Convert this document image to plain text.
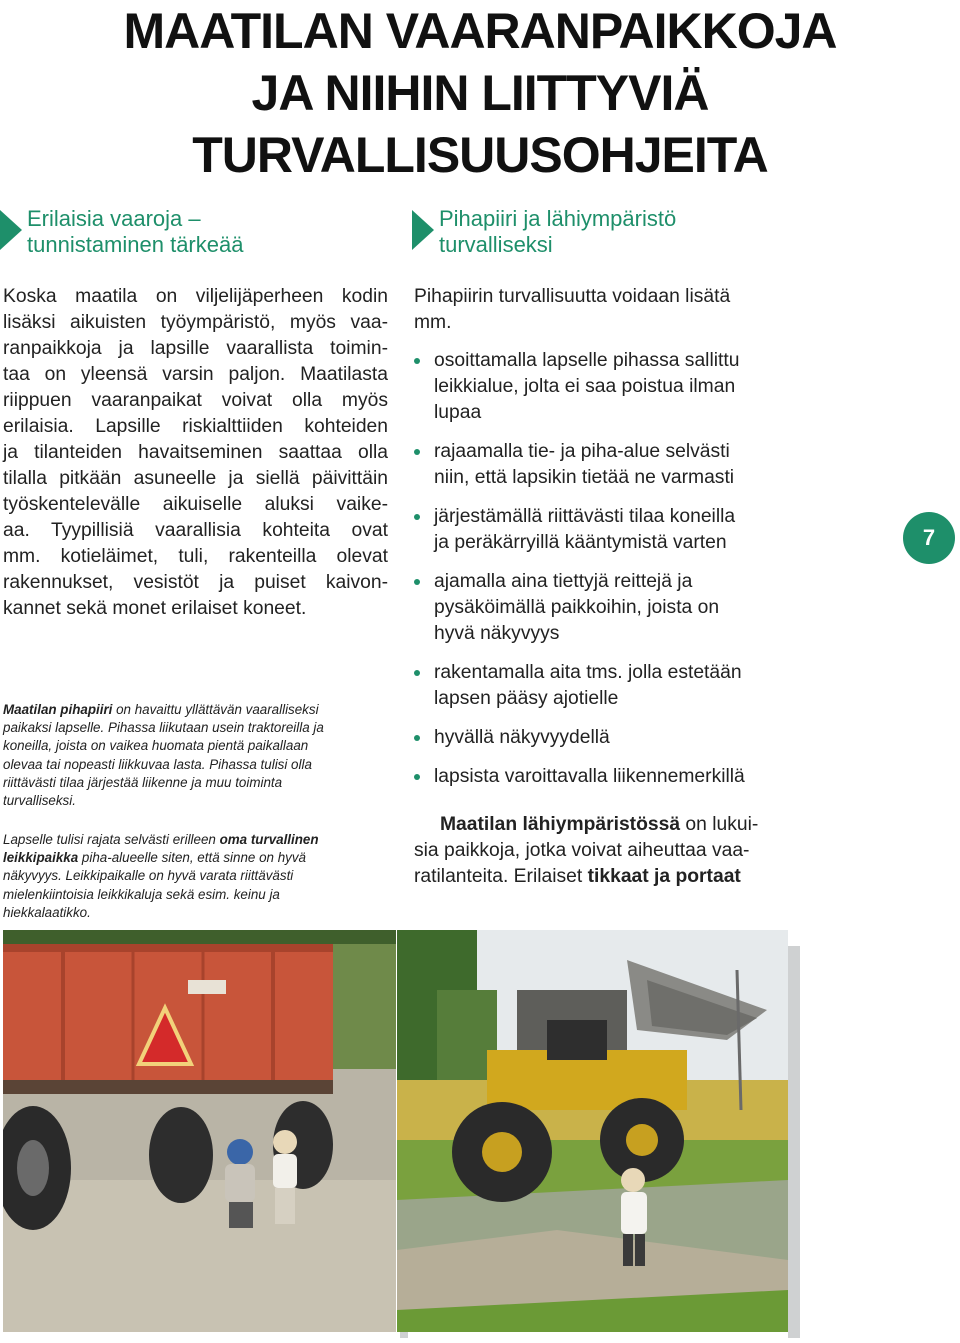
MAATILAN VAARANPAIKKOJA
JA NIIHIN LIITTYVIÄ
TURVALLISUUSOHJEITA
Erilaisia vaaroja –
tunnistaminen tärkeää
Koska maatila on viljelijäperheen kodin
lisäksi aikuisten työympäristö, myös vaa-
ranpaikkoja ja lapsille vaarallista toimin-
taa on yleensä varsin paljon. Maatilasta
riippuen vaaranpaikat voivat olla myös
erilaisia. Lapsille riskialttiiden kohteiden
ja tilanteiden havaitseminen saattaa olla
tilalla pitkään asuneelle ja siellä päivittäin
työskentelevälle aikuiselle aluksi vaike-
aa. Tyypillisiä vaarallisia kohteita ovat
mm. kotieläimet, tuli, rakenteilla olevat
rakennukset, vesistöt ja puiset kaivon-
kannet sekä monet erilaiset koneet.
Maatilan pihapiiri on havaittu yllättävän vaaralliseksi
paikaksi lapselle. Pihassa liikutaan usein traktoreilla ja
koneilla, joista on vaikea huomata pientä paikallaan
olevaa tai nopeasti liikkuvaa lasta. Pihassa tulisi olla
riittävästi tilaa järjestää liikenne ja muu toiminta
turvalliseksi.
Lapselle tulisi rajata selvästi erilleen oma turvallinen
leikkipaikka piha-alueelle siten, että sinne on hyvä
näkyvyys. Leikkipaikalle on hyvä varata riittävästi
mielenkiintoisia leikkikaluja sekä esim. keinu ja
hiekkalaatikko.
Pihapiiri ja lähiympäristö
turvalliseksi
Pihapiirin turvallisuutta voidaan lisätä
mm.
osoittamalla lapselle pihassa sallittu
leikkialue, jolta ei saa poistua ilman
lupaa
rajaamalla tie- ja piha-alue selvästi
niin, että lapsikin tietää ne varmasti
järjestämällä riittävästi tilaa koneilla
ja peräkärryillä kääntymistä varten
ajamalla aina tiettyjä reittejä ja
pysäköimällä paikkoihin, joista on
hyvä näkyvyys
rakentamalla aita tms. jolla estetään
lapsen pääsy ajotielle
hyvällä näkyvyydellä
lapsista varoittavalla liikennemerkillä
Maatilan lähiympäristössä on lukui-
sia paikkoja, jotka voivat aiheuttaa vaa-
ratilanteita. Erilaiset tikkaat ja portaat
7
